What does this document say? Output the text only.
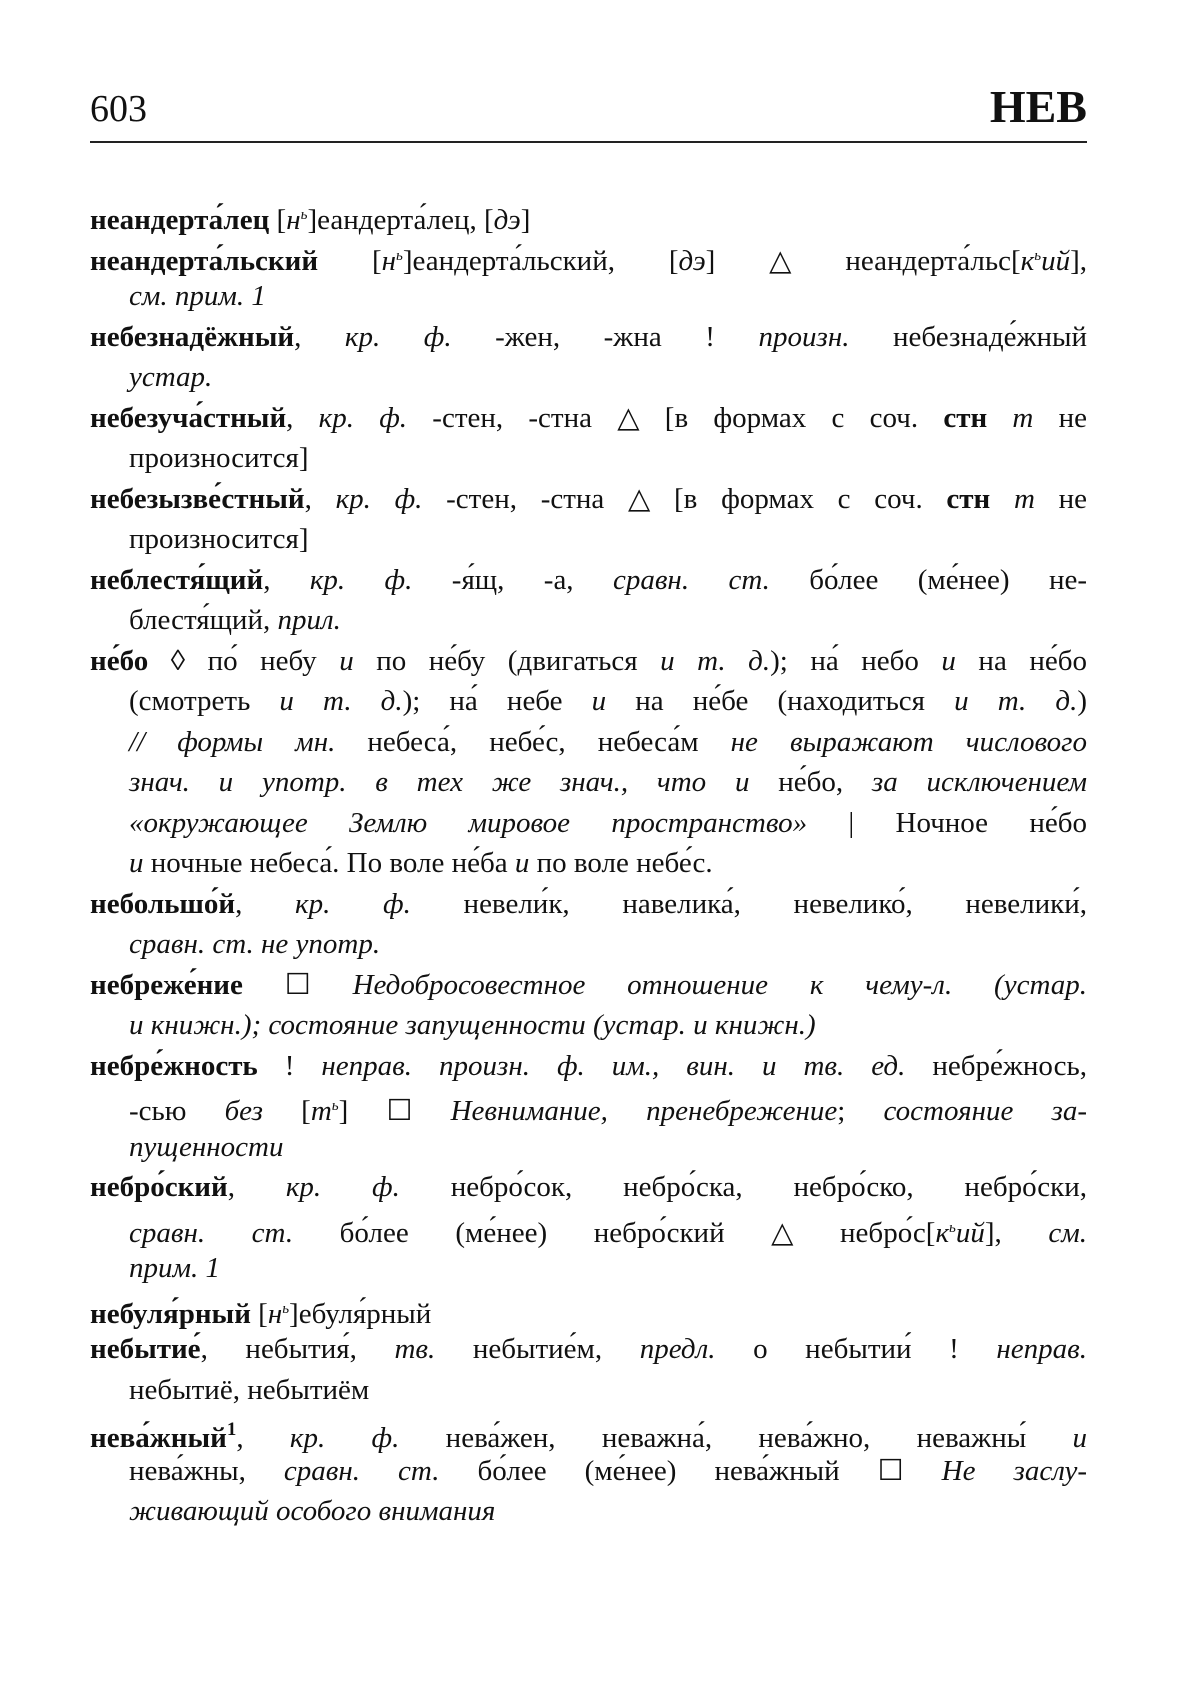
603	НЕВ
неандерта́лец $[н^ь]еандерта́лец$, [дэ]
неандерта́льский $[н^ь]еандерта́льский$, [дэ] △ $неандерта́льс[к^ьий]$,
см. прим. 1
небезнадёжный, кр. ф. -жен, -жна ! произн. небезнаде́жный
устар.
небезуча́стный, кр. ф. -стен, -стна △ [в формах с соч. стн т не
произносится]
небезызве́стный, кр. ф. -стен, -стна △ [в формах с соч. стн т не
произносится]
неблестя́щий, кр. ф. -я́щ, -а, сравн. ст. бо́лее (ме́нее) не-
блестя́щий, прил.
не́бо ◊ по́ небу и по не́бу (двигаться и т. д.); на́ небо и на не́бо
(смотреть и т. д.); на́ небе и на не́бе (находиться и т. д.)
// формы мн. небеса́, небе́с, небеса́м не выражают числового
знач. и употр. в тех же знач., что и не́бо, за исключением
«окружающее Землю мировое пространство» | Ночное не́бо
и ночные небеса́. По воле не́ба и по воле небе́с.
небольшо́й, кр. ф. невели́к, навелика́, невелико́, невелики́,
сравн. ст. не употр.
небреже́ние ☐ Недобросовестное отношение к чему-л. (устар.
и книжн.); состояние запущенности (устар. и книжн.)
небре́жность ! неправ. произн. ф. им., вин. и тв. ед. небре́жнось,
-сью без $[т^ь]$ ☐ Невнимание, пренебрежение; состояние за-
пущенности
небро́ский, кр. ф. небро́сок, небро́ска, небро́ско, небро́ски,
сравн. ст. бо́лее (ме́нее) небро́ский △ $небро́с[к^ьий]$, см.
прим. 1
небуля́рный $[н^ь]ебуля́рный$
небытие́, небытия́, тв. небытие́м, предл. о небытии́ ! неправ.
небытиё, небытиём
нева́жный$^1$, кр. ф. нева́жен, неважна́, нева́жно, неважны́ и
нева́жны, сравн. ст. бо́лее (ме́нее) нева́жный ☐ Не заслу-
живающий особого внимания
